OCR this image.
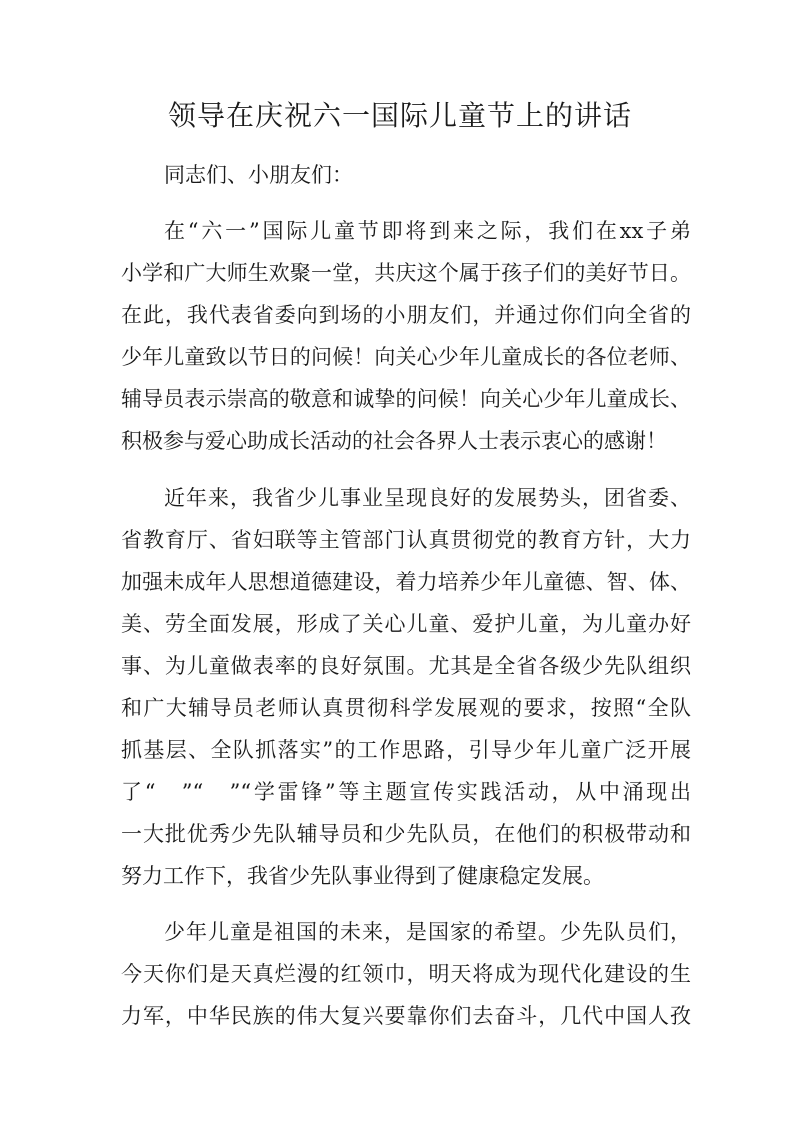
领导在庆祝六一国际儿童节上的讲话
同志们、小朋友们：
在“六一”国际儿童节即将到来之际，我们在xx子弟
小学和广大师生欢聚一堂，共庆这个属于孩子们的美好节日。
在此，我代表省委向到场的小朋友们，并通过你们向全省的
少年儿童致以节日的问候！向关心少年儿童成长的各位老师、
辅导员表示崇高的敬意和诚挚的问候！向关心少年儿童成长、
积极参与爱心助成长活动的社会各界人士表示衷心的感谢！
近年来，我省少儿事业呈现良好的发展势头，团省委、
省教育厅、省妇联等主管部门认真贯彻党的教育方针，大力
加强未成年人思想道德建设，着力培养少年儿童德、智、体、
美、劳全面发展，形成了关心儿童、爱护儿童，为儿童办好
事、为儿童做表率的良好氛围。尤其是全省各级少先队组织
和广大辅导员老师认真贯彻科学发展观的要求，按照“全队
抓基层、全队抓落实”的工作思路，引导少年儿童广泛开展
了“　”“　”“学雷锋”等主题宣传实践活动，从中涌现出
一大批优秀少先队辅导员和少先队员，在他们的积极带动和
努力工作下，我省少先队事业得到了健康稳定发展。
少年儿童是祖国的未来，是国家的希望。少先队员们，
今天你们是天真烂漫的红领巾，明天将成为现代化建设的生
力军，中华民族的伟大复兴要靠你们去奋斗，几代中国人孜
